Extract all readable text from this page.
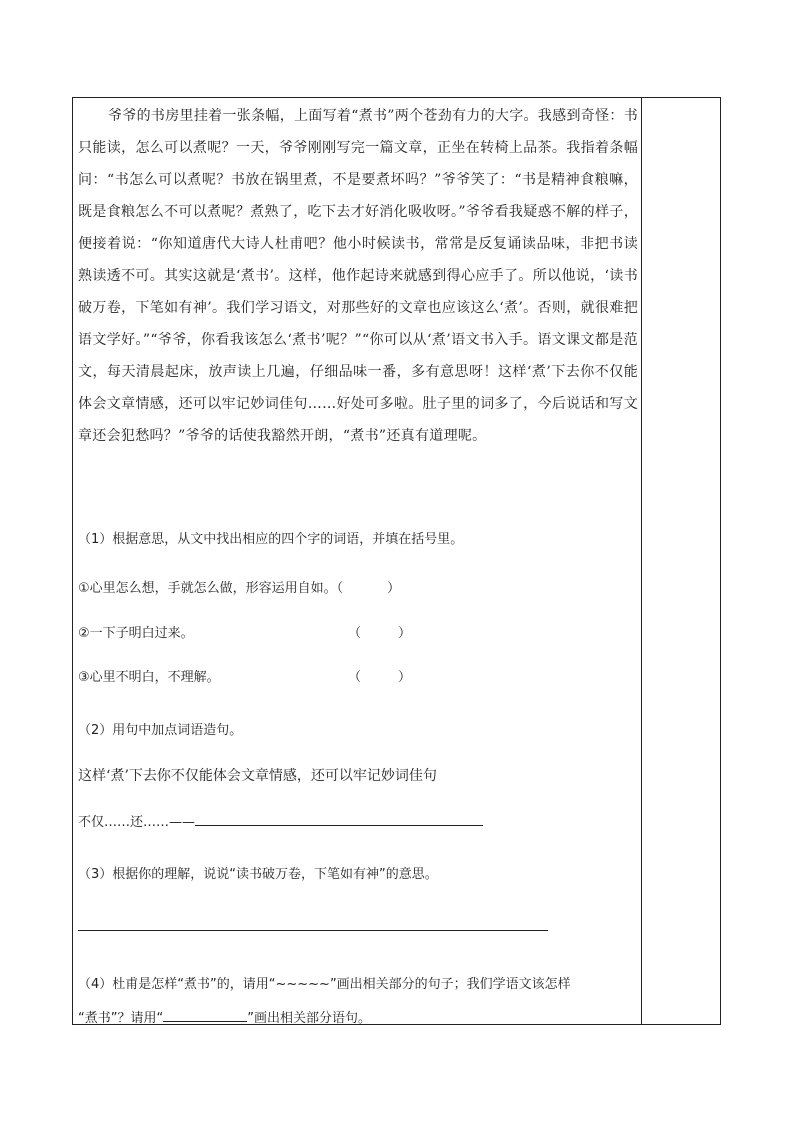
爷爷的书房里挂着一张条幅，上面写着“煮书”两个苍劲有力的大字。我感到奇怪：书只能读，怎么可以煮呢？一天，爷爷刚刚写完一篇文章，正坐在转椅上品茶。我指着条幅问：“书怎么可以煮呢？书放在锅里煮，不是要煮坏吗？”爷爷笑了：“书是精神食粮嘛，既是食粮怎么不可以煮呢？煮熟了，吃下去才好消化吸收呀。”爷爷看我疑惑不解的样子，便接着说：“你知道唐代大诗人杜甫吧？他小时候读书，常常是反复诵读品味，非把书读熟读透不可。其实这就是‘煮书’。这样，他作起诗来就感到得心应手了。所以他说，‘读书破万卷，下笔如有神’。我们学习语文，对那些好的文章也应该这么‘煮’。否则，就很难把语文学好。”“爷爷，你看我该怎么‘煮书’呢？”“你可以从‘煮’语文书入手。语文课文都是范文，每天清晨起床，放声读上几遍，仔细品味一番，多有意思呀！这样‘煮’下去你不仅能体会文章情感，还可以牢记妙词佳句……好处可多啦。肚子里的词多了，今后说话和写文章还会犯愁吗？”爷爷的话使我豁然开朗，“煮书”还真有道理呢。

（1）根据意思，从文中找出相应的四个字的词语，并填在括号里。
①心里怎么想，手就怎么做，形容运用自如。（	）
②一下子明白过来。	（	）
③心里不明白，不理解。	（	）
（2）用句中加点词语造句。
这样‘煮’下去你不仅能体会文章情感，还可以牢记妙词佳句
不仅……还……——
（3）根据你的理解，说说“读书破万卷，下笔如有神”的意思。
（4）杜甫是怎样“煮书”的，请用“~~~~~”画出相关部分的句子；我们学语文该怎样
“煮书”？请用“	”画出相关部分语句。
